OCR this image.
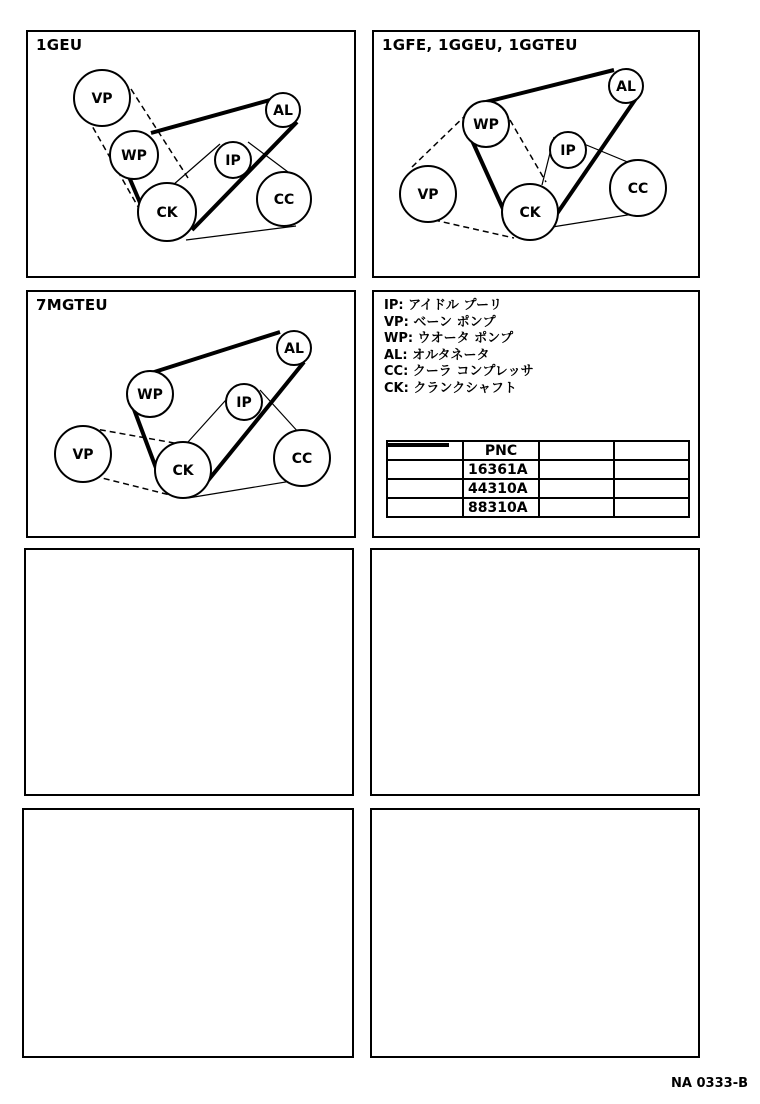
VP
WP
AL
IP
CC
CK
1GEU
AL
WP
IP
VP	CC
CK
1GFE, 1GGEU, 1GGTEU
AL
WP	IP
VP	CC
CK
7MGTEU	IP: アイドル プーリ
VP: ベーン ポンプ
WP: ウオータ ポンプ
AL: オルタネータ
CC: クーラ コンプレッサ
CK: クランクシャフト
	PNC		

	16361A		

	44310A		

	88310A		
NA 0333-B
